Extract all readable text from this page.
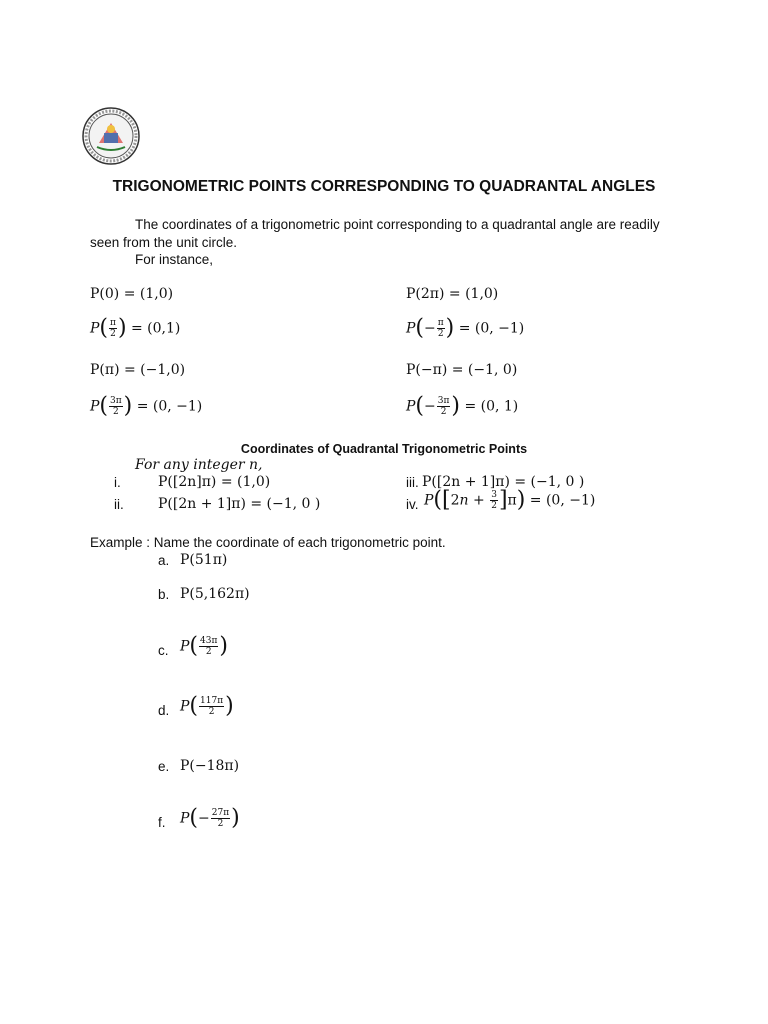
TRIGONOMETRIC POINTS CORRESPONDING TO QUADRANTAL ANGLES
The coordinates of a trigonometric point corresponding to a quadrantal angle are readily
seen from the unit circle.
For instance,
P(0) = (1,0)	P(2π) = (1,0)
$P( \frac{\pi}{2}$ ) = (0,1)	$P(- \frac{\pi}{2}$ ) = (0, −1)
P(π) = (−1,0)	P(−π) = (−1, 0)
$P( \frac{3\pi}{2}$ ) = (0, −1)	$P(- \frac{3\pi}{2}$ ) = (0, 1)
Coordinates of Quadrantal Trigonometric Points
For any integer n,
i.	P([2n]π) = (1,0)	iii. P([2n + 1]π) = (−1, 0 )
ii. P([2n + 1]π) = (−1, 0 )	iv. $P([2n + \frac{3}{2} ]\pi) = (0$, −1)
Example : Name the coordinate of each trigonometric point.
a. P(51π)
b. P(5,162π)
c. $P( \frac{43\pi}{2}$ )
d. $P( \frac{117\pi}{2}$ )
e. P(−18π)
f. $P(- \frac{27\pi}{2}$ )
